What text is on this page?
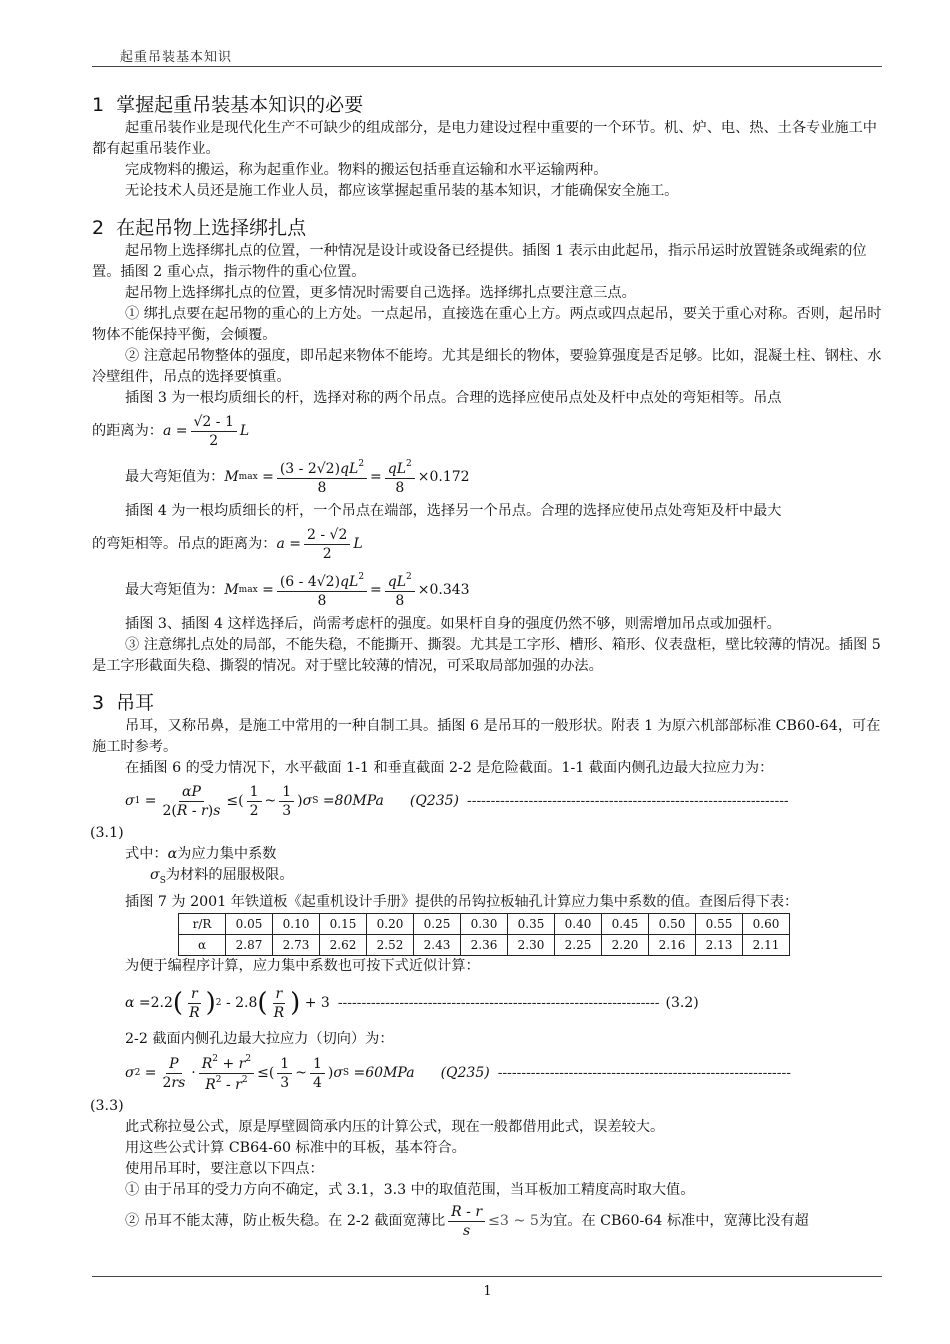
起重吊装基本知识
1 掌握起重吊装基本知识的必要

起重吊装作业是现代化生产不可缺少的组成部分，是电力建设过程中重要的一个环节。机、炉、电、热、土各专业施工中都有起重吊装作业。

完成物料的搬运，称为起重作业。物料的搬运包括垂直运输和水平运输两种。

无论技术人员还是施工作业人员，都应该掌握起重吊装的基本知识，才能确保安全施工。

2 在起吊物上选择绑扎点

起吊物上选择绑扎点的位置，一种情况是设计或设备已经提供。插图 1 表示由此起吊，指示吊运时放置链条或绳索的位置。插图 2 重心点，指示物件的重心位置。

起吊物上选择绑扎点的位置，更多情况时需要自己选择。选择绑扎点要注意三点。

① 绑扎点要在起吊物的重心的上方处。一点起吊，直接选在重心上方。两点或四点起吊，要关于重心对称。否则，起吊时物体不能保持平衡，会倾覆。

② 注意起吊物整体的强度，即吊起来物体不能垮。尤其是细长的物体，要验算强度是否足够。比如，混凝土柱、钢柱、水冷壁组件，吊点的选择要慎重。

插图 3 为一根均质细长的杆，选择对称的两个吊点。合理的选择应使吊点处及杆中点处的弯矩相等。吊点

的距离为： $a = \frac{√2 - 1}{2}$ L
最大弯矩值为： M $\max = \frac{(3 - 2√2)qL^2}{8} = \frac{qL^2}{8} \times 0.172$

插图 4 为一根均质细长的杆，一个吊点在端部，选择另一个吊点。合理的选择应使吊点处弯矩及杆中最大

的弯矩相等。吊点的距离为： $a = \frac{2 - √2}{2}$ L
最大弯矩值为： M $\max = \frac{(6 - 4√2)qL^2}{8} = \frac{qL^2}{8} \times 0.343$

插图 3、插图 4 这样选择后，尚需考虑杆的强度。如果杆自身的强度仍然不够，则需增加吊点或加强杆。

③ 注意绑扎点处的局部，不能失稳，不能撕开、撕裂。尤其是工字形、槽形、箱形、仪表盘柜，壁比较薄的情况。插图 5 是工字形截面失稳、撕裂的情况。对于壁比较薄的情况，可采取局部加强的办法。

3 吊耳

吊耳，又称吊鼻，是施工中常用的一种自制工具。插图 6 是吊耳的一般形状。附表 1 为原六机部部标准 CB60-64，可在施工时参考。

在插图 6 的受力情况下，水平截面 1-1 和垂直截面 2-2 是危险截面。1-1 截面内侧孔边最大拉应力为：

σ $1 = \frac{\alpha P}{2(R - r)s}$ ≤( $\frac{1}{2}$ ~ $\frac{1}{3}$ ) σ S
=80MPa (Q235) --------------------------------------------------------------------

(3.1)

式中：α为应力集中系数

$\sigma_S$为材料的屈服极限。

插图 7 为 2001 年铁道板《起重机设计手册》提供的吊钩拉板轴孔计算应力集中系数的值。查图后得下表：

r/R	0.05	0.10	0.15	0.20	0.25	0.30	0.35	0.40	0.45	0.50	0.55	0.60
α	2.87	2.73	2.62	2.52	2.43	2.36	2.30	2.25	2.20	2.16	2.13	2.11

为便于编程序计算，应力集中系数也可按下式近似计算：

α =2.2 ( $\frac{r}{R}$ ) 2 - 2.8 ( $\frac{r}{R}$ ) + 3 -------------------------------------------------------------------- (3.2)

2-2 截面内侧孔边最大拉应力（切向）为：

σ $2 = \frac{P}{2rs} \cdot \frac{R^2 + r^2}{R^2 - r^2}$ ≤( $\frac{1}{3}$ ~ $\frac{1}{4}$ ) σ S
=60MPa (Q235) --------------------------------------------------------------

(3.3)

此式称拉曼公式，原是厚壁圆筒承内压的计算公式，现在一般都借用此式，误差较大。

用这些公式计算 CB64-60 标准中的耳板，基本符合。

使用吊耳时，要注意以下四点：

① 由于吊耳的受力方向不确定，式 3.1，3.3 中的取值范围，当耳板加工精度高时取大值。

② 吊耳不能太薄，防止板失稳。在 2-2 截面宽薄比 $\frac{R - r}{s} \le 3$ ~ 5 为宜。在 CB60-64 标准中，宽薄比没有超
1
